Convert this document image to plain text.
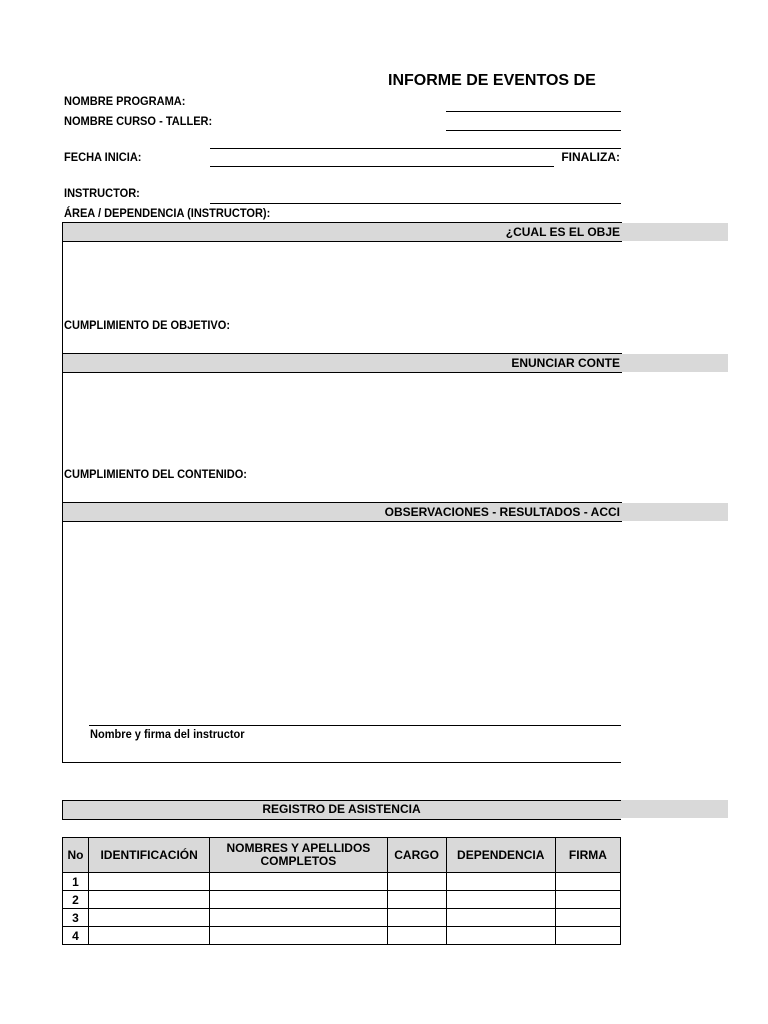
INFORME DE EVENTOS DE
NOMBRE PROGRAMA:
NOMBRE CURSO - TALLER:
FECHA INICIA:	FINALIZA:
INSTRUCTOR:
ÁREA / DEPENDENCIA (INSTRUCTOR):
¿CUAL ES EL OBJE
CUMPLIMIENTO DE OBJETIVO:
ENUNCIAR CONTE
CUMPLIMIENTO DEL CONTENIDO:
OBSERVACIONES - RESULTADOS - ACCI
Nombre y firma del instructor
REGISTRO DE ASISTENCIA
No	IDENTIFICACIÓN	NOMBRES Y APELLIDOS COMPLETOS	CARGO	DEPENDENCIA	FIRMA
1					
2					
3					
4					
